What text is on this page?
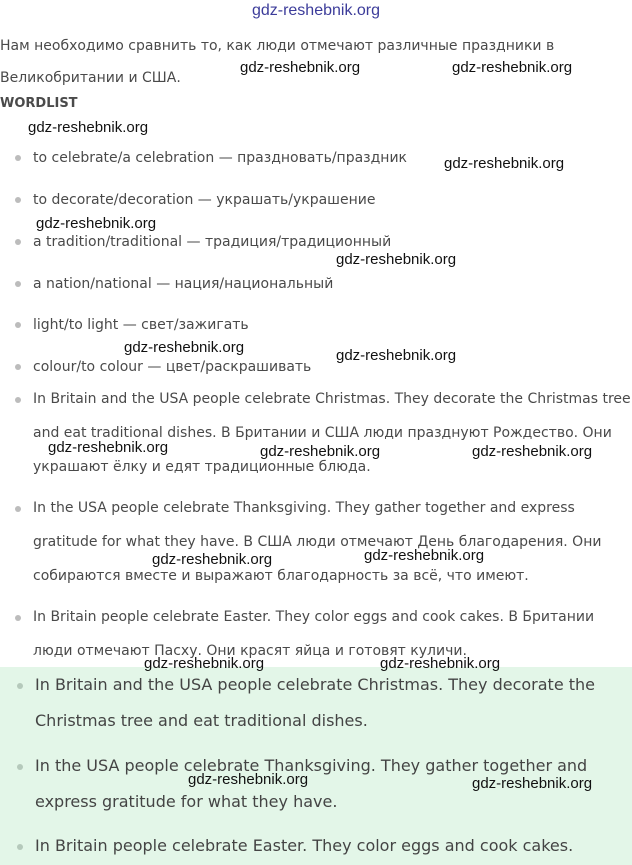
gdz-reshebnik.org
Нам необходимо сравнить то, как люди отмечают различные праздники в Великобритании и США.
WORDLIST
to celebrate/a celebration — праздновать/праздник
to decorate/decoration — украшать/украшение
a tradition/traditional — традиция/традиционный
a nation/national — нация/национальный
light/to light — свет/зажигать
colour/to colour — цвет/раскрашивать
In Britain and the USA people celebrate Christmas. They decorate the Christmas tree and eat traditional dishes. В Британии и США люди празднуют Рождество. Они украшают ёлку и едят традиционные блюда.
In the USA people celebrate Thanksgiving. They gather together and express gratitude for what they have. В США люди отмечают День благодарения. Они собираются вместе и выражают благодарность за всё, что имеют.
In Britain people celebrate Easter. They color eggs and cook cakes. В Британии люди отмечают Пасху. Они красят яйца и готовят куличи.
In Britain and the USA people celebrate Christmas. They decorate the Christmas tree and eat traditional dishes.
In the USA people celebrate Thanksgiving. They gather together and express gratitude for what they have.
In Britain people celebrate Easter. They color eggs and cook cakes.
gdz-reshebnik.org	gdz-reshebnik.org
gdz-reshebnik.org
gdz-reshebnik.org
gdz-reshebnik.org
gdz-reshebnik.org
gdz-reshebnik.org	gdz-reshebnik.org
gdz-reshebnik.org	gdz-reshebnik.org	gdz-reshebnik.org
gdz-reshebnik.org
gdz-reshebnik.org
gdz-reshebnik.org	gdz-reshebnik.org
gdz-reshebnik.org	gdz-reshebnik.org
